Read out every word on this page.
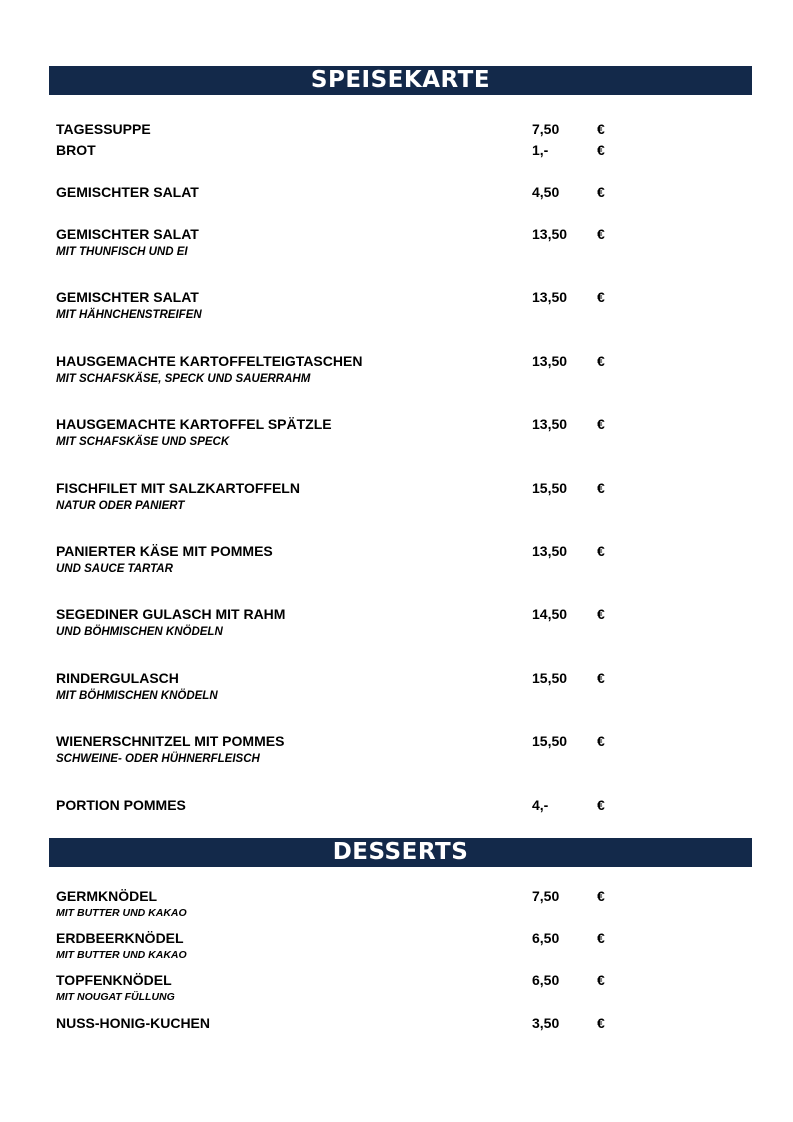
SPEISEKARTE
TAGESSUPPE	7,50	€
BROT	1,-	€
GEMISCHTER SALAT	4,50	€
GEMISCHTER SALAT
MIT THUNFISCH UND EI
13,50 €
GEMISCHTER SALAT
MIT HÄHNCHENSTREIFEN
13,50 €
HAUSGEMACHTE KARTOFFELTEIGTASCHEN
MIT SCHAFSKÄSE, SPECK UND SAUERRAHM
13,50 €
HAUSGEMACHTE KARTOFFEL SPÄTZLE
MIT SCHAFSKÄSE UND SPECK
13,50 €
FISCHFILET MIT SALZKARTOFFELN
NATUR ODER PANIERT
15,50 €
PANIERTER KÄSE MIT POMMES
UND SAUCE TARTAR
13,50 €
SEGEDINER GULASCH MIT RAHM
UND BÖHMISCHEN KNÖDELN
14,50 €
RINDERGULASCH
MIT BÖHMISCHEN KNÖDELN
15,50 €
WIENERSCHNITZEL MIT POMMES
SCHWEINE- ODER HÜHNERFLEISCH
15,50 €
PORTION POMMES	4,-	€
DESSERTS
GERMKNÖDEL
MIT BUTTER UND KAKAO
7,50	€
ERDBEERKNÖDEL
MIT BUTTER UND KAKAO
6,50	€
TOPFENKNÖDEL
MIT NOUGAT FÜLLUNG
6,50	€
NUSS-HONIG-KUCHEN	3,50	€
